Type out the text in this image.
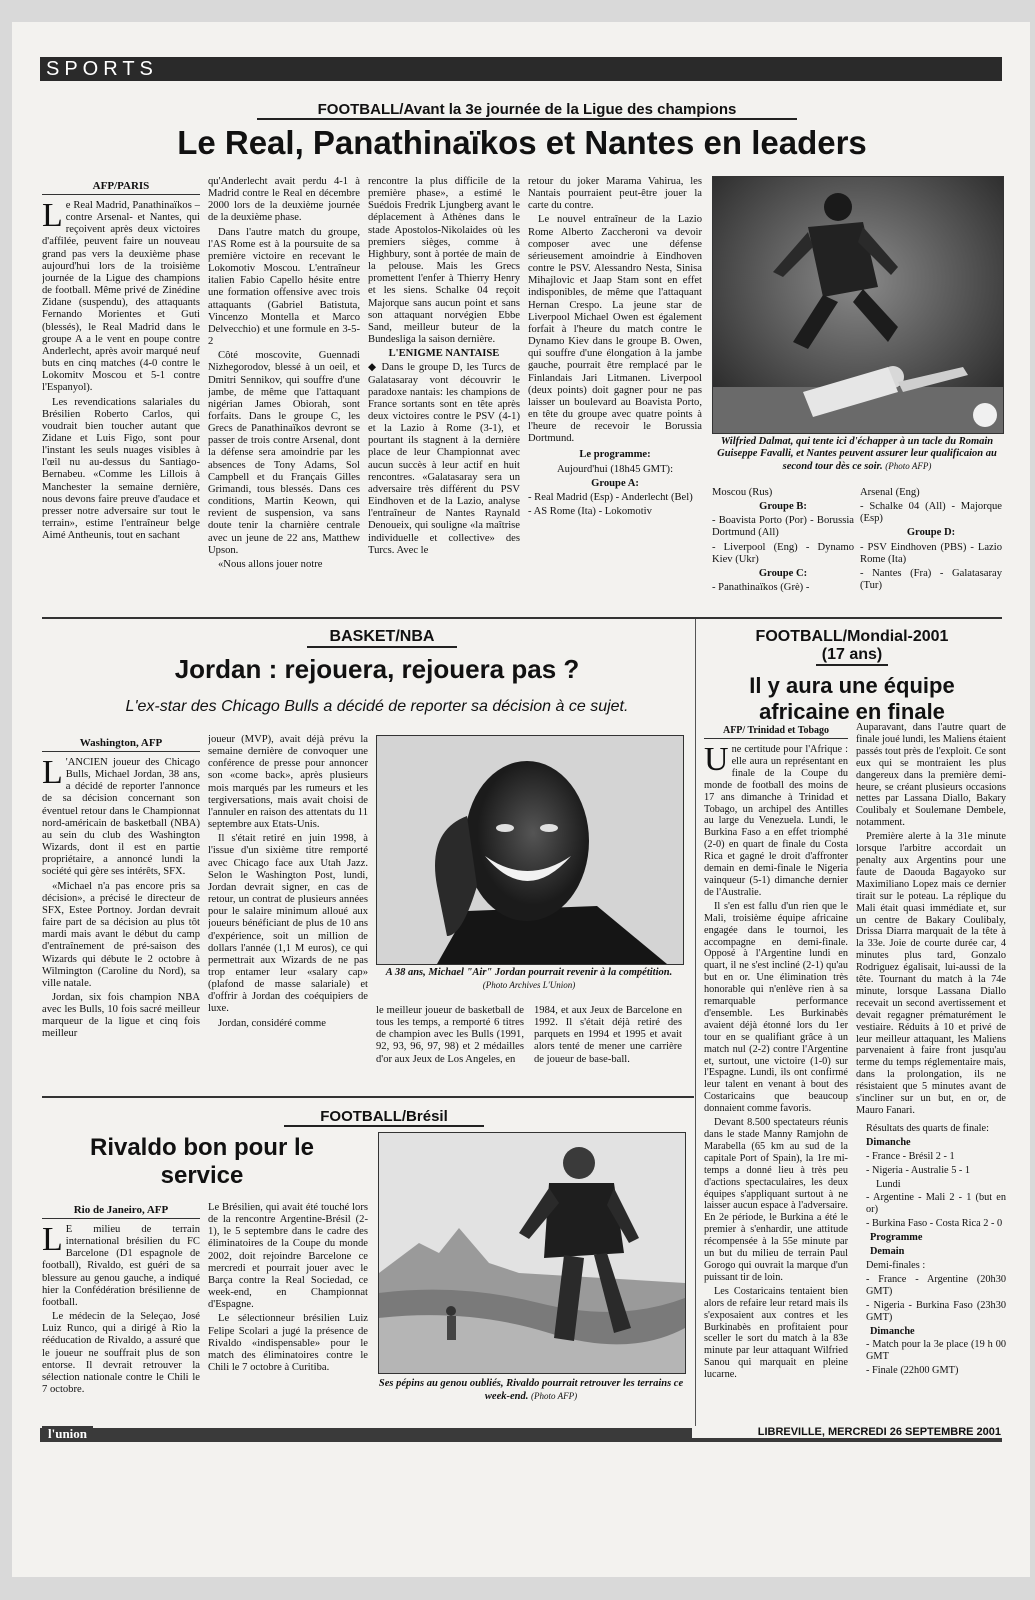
SPORTS
FOOTBALL/Avant la 3e journée de la Ligue des champions
Le Real, Panathinaïkos et Nantes en leaders
AFP/PARIS

Le Real Madrid, Panathinaïkos –contre Arsenal- et Nantes, qui reçoivent après deux victoires d'affilée, peuvent faire un nouveau grand pas vers la deuxième phase aujourd'hui lors de la troisième journée de la Ligue des champions de football. Même privé de Zinédine Zidane (suspendu), des attaquants Fernando Morientes et Guti (blessés), le Real Madrid dans le groupe A a le vent en poupe contre Anderlecht, après avoir marqué neuf buts en cinq matches (4-0 contre le Lokomitv Moscou et 5-1 contre l'Espanyol).

Les revendications salariales du Brésilien Roberto Carlos, qui voudrait bien toucher autant que Zidane et Luis Figo, sont pour l'instant les seuls nuages visibles à l'œil nu au-dessus du Santiago-Bernabeu. «Comme les Lillois à Manchester la semaine dernière, nous devons faire preuve d'audace et presser notre adversaire sur tout le terrain», estime l'entraîneur belge Aimé Antheunis, tout en sachant

qu'Anderlecht avait perdu 4-1 à Madrid contre le Real en décembre 2000 lors de la deuxième journée de la deuxième phase.

Dans l'autre match du groupe, l'AS Rome est à la poursuite de sa première victoire en recevant le Lokomotiv Moscou. L'entraîneur italien Fabio Capello hésite entre une formation offensive avec trois attaquants (Gabriel Batistuta, Vincenzo Montella et Marco Delvecchio) et une formule en 3-5-2

Côté moscovite, Guennadi Nizhegorodov, blessé à un oeil, et Dmitri Sennikov, qui souffre d'une jambe, de même que l'attaquant nigérian James Obiorah, sont forfaits. Dans le groupe C, les Grecs de Panathinaïkos devront se passer de trois contre Arsenal, dont la défense sera amoindrie par les absences de Tony Adams, Sol Campbell et du Français Gilles Grimandi, tous blessés. Dans ces conditions, Martin Keown, qui revient de suspension, va sans doute tenir la charnière centrale avec un jeune de 22 ans, Matthew Upson.

«Nous allons jouer notre

rencontre la plus difficile de la première phase», a estimé le Suédois Fredrik Ljungberg avant le déplacement à Athènes dans le stade Apostolos-Nikolaides où les premiers sièges, comme à Highbury, sont à portée de main de la pelouse. Mais les Grecs promettent l'enfer à Thierry Henry et les siens. Schalke 04 reçoit Majorque sans aucun point et sans son attaquant norvégien Ebbe Sand, meilleur buteur de la Bundesliga la saison dernière.

L'ENIGME NANTAISE

◆ Dans le groupe D, les Turcs de Galatasaray vont découvrir le paradoxe nantais: les champions de France sortants sont en tête après deux victoires contre le PSV (4-1) et la Lazio à Rome (3-1), et pourtant ils stagnent à la dernière place de leur Championnat avec aucun succès à leur actif en huit rencontres. «Galatasaray sera un adversaire très différent du PSV Eindhoven et de la Lazio, analyse l'entraîneur de Nantes Raynald Denoueix, qui souligne «la maîtrise individuelle et collective» des Turcs. Avec le

retour du joker Marama Vahirua, les Nantais pourraient peut-être jouer la carte du contre.

Le nouvel entraîneur de la Lazio Rome Alberto Zaccheroni va devoir composer avec une défense sérieusement amoindrie à Eindhoven contre le PSV. Alessandro Nesta, Sinisa Mihajlovic et Jaap Stam sont en effet indisponibles, de même que l'attaquant Hernan Crespo. La jeune star de Liverpool Michael Owen est également forfait à l'heure du match contre le Dynamo Kiev dans le groupe B. Owen, qui souffre d'une élongation à la jambe gauche, pourrait être remplacé par le Finlandais Jari Litmanen. Liverpool (deux points) doit gagner pour ne pas laisser un boulevard au Boavista Porto, en tête du groupe avec quatre points à l'heure de recevoir le Borussia Dortmund.

Le programme:

Aujourd'hui (18h45 GMT):

Groupe A:

- Real Madrid (Esp) - Anderlecht (Bel)

- AS Rome (Ita) - Lokomotiv

Wilfried Dalmat, qui tente ici d'échapper à un tacle du Romain Guiseppe Favalli, et Nantes peuvent assurer leur qualificaion au second tour dès ce soir. (Photo AFP)

Moscou (Rus)

Groupe B:

- Boavista Porto (Por) - Borussia Dortmund (All)

- Liverpool (Eng) - Dynamo Kiev (Ukr)

Groupe C:

- Panathinaïkos (Grè) -

Arsenal (Eng)

- Schalke 04 (All) - Majorque (Esp)

Groupe D:

- PSV Eindhoven (PBS) - Lazio Rome (Ita)

- Nantes (Fra) - Galatasaray (Tur)

BASKET/NBA
Jordan : rejouera, rejouera pas ?
L'ex-star des Chicago Bulls a décidé de reporter sa décision à ce sujet.
Washington, AFP

L 'ANCIEN joueur des Chicago Bulls, Michael Jordan, 38 ans, a décidé de reporter l'annonce de sa décision concernant son éventuel retour dans le Championnat nord-américain de basketball (NBA) au sein du club des Washington Wizards, dont il est en partie propriétaire, a annoncé lundi la société qui gère ses intérêts, SFX.

«Michael n'a pas encore pris sa décision», a précisé le directeur de SFX, Estee Portnoy. Jordan devrait faire part de sa décision au plus tôt mardi mais avant le début du camp d'entraînement de pré-saison des Wizards qui débute le 2 octobre à Wilmington (Caroline du Nord), sa ville natale.

Jordan, six fois champion NBA avec les Bulls, 10 fois sacré meilleur marqueur de la ligue et cinq fois meilleur

joueur (MVP), avait déjà prévu la semaine dernière de convoquer une conférence de presse pour annoncer son «come back», après plusieurs mois marqués par les rumeurs et les tergiversations, mais avait choisi de l'annuler en raison des attentats du 11 septembre aux Etats-Unis.

Il s'était retiré en juin 1998, à l'issue d'un sixième titre remporté avec Chicago face aux Utah Jazz. Selon le Washington Post, lundi, Jordan devrait signer, en cas de retour, un contrat de plusieurs années pour le salaire minimum alloué aux joueurs bénéficiant de plus de 10 ans d'expérience, soit un million de dollars l'année (1,1 M euros), ce qui permettrait aux Wizards de ne pas trop entamer leur «salary cap» (plafond de masse salariale) et d'offrir à Jordan des coéquipiers de luxe.

Jordan, considéré comme

A 38 ans, Michael "Air" Jordan pourrait revenir à la compétition. (Photo Archives L'Union)

le meilleur joueur de basketball de tous les temps, a remporté 6 titres de champion avec les Bulls (1991, 92, 93, 96, 97, 98) et 2 médailles d'or aux Jeux de Los Angeles, en

1984, et aux Jeux de Barcelone en 1992. Il s'était déjà retiré des parquets en 1994 et 1995 et avait alors tenté de mener une carrière de joueur de base-ball.

FOOTBALL/Mondial-2001
(17 ans)
Il y aura une équipe africaine en finale
AFP/ Trinidad et Tobago

Une certitude pour l'Afrique : elle aura un représentant en finale de la Coupe du monde de football des moins de 17 ans dimanche à Trinidad et Tobago, un archipel des Antilles au large du Venezuela. Lundi, le Burkina Faso a en effet triomphé (2-0) en quart de finale du Costa Rica et gagné le droit d'affronter demain en demi-finale le Nigeria vainqueur (5-1) dimanche dernier de l'Australie.

Il s'en est fallu d'un rien que le Mali, troisième équipe africaine engagée dans le tournoi, les accompagne en demi-finale. Opposé à l'Argentine lundi en quart, il ne s'est incliné (2-1) qu'au but en or. Une élimination très honorable qui n'enlève rien à sa remarquable performance d'ensemble. Les Burkinabès avaient déjà étonné lors du 1er tour en se qualifiant grâce à un match nul (2-2) contre l'Argentine et, surtout, une victoire (1-0) sur l'Espagne. Lundi, ils ont confirmé leur talent en venant à bout des Costaricains que beaucoup donnaient comme favoris.

Devant 8.500 spectateurs réunis dans le stade Manny Ramjohn de Marabella (65 km au sud de la capitale Port of Spain), la 1re mi-temps a donné lieu à très peu d'actions spectaculaires, les deux équipes s'appliquant surtout à ne laisser aucun espace à l'adversaire. En 2e période, le Burkina a été le premier à s'enhardir, une attitude récompensée à la 55e minute par un but du milieu de terrain Paul Gorogo qui ouvrait la marque d'un puissant tir de loin.

Les Costaricains tentaient bien alors de refaire leur retard mais ils s'exposaient aux contres et les Burkinabès en profitaient pour sceller le sort du match à la 83e minute par leur attaquant Wilfried Sanou qui marquait en pleine lucarne.

Auparavant, dans l'autre quart de finale joué lundi, les Maliens étaient passés tout près de l'exploit. Ce sont eux qui se montraient les plus dangereux dans la première demi-heure, se créant plusieurs occasions nettes par Lassana Diallo, Bakary Coulibaly et Soulemane Dembele, notamment.

Première alerte à la 31e minute lorsque l'arbitre accordait un penalty aux Argentins pour une faute de Daouda Bagayoko sur Maximiliano Lopez mais ce dernier tirait sur le poteau. La réplique du Mali était quasi immédiate et, sur un centre de Bakary Coulibaly, Drissa Diarra marquait de la tête à la 33e. Joie de courte durée car, 4 minutes plus tard, Gonzalo Rodriguez égalisait, lui-aussi de la tête. Tournant du match à la 74e minute, lorsque Lassana Diallo recevait un second avertissement et devait regagner prématurément le vestiaire. Réduits à 10 et privé de leur meilleur attaquant, les Maliens parvenaient à faire front jusqu'au terme du temps réglementaire mais, dans la prolongation, ils ne résistaient que 5 minutes avant de s'incliner sur un but, en or, de Mauro Fanari.

Résultats des quarts de finale:

Dimanche

- France - Brésil 2 - 1

- Nigeria - Australie 5 - 1

Lundi

- Argentine - Mali 2 - 1 (but en or)

- Burkina Faso - Costa Rica 2 - 0

Programme

Demain

Demi-finales :

- France - Argentine (20h30 GMT)

- Nigeria - Burkina Faso (23h30 GMT)

Dimanche

- Match pour la 3e place (19 h 00 GMT

- Finale (22h00 GMT)

FOOTBALL/Brésil
Rivaldo bon pour le service
Rio de Janeiro, AFP

L E milieu de terrain international brésilien du FC Barcelone (D1 espagnole de football), Rivaldo, est guéri de sa blessure au genou gauche, a indiqué hier la Confédération brésilienne de football.

Le médecin de la Seleçao, José Luiz Runco, qui a dirigé à Rio la rééducation de Rivaldo, a assuré que le joueur ne souffrait plus de son entorse. Il devrait retrouver la sélection nationale contre le Chili le 7 octobre.

Le Brésilien, qui avait été touché lors de la rencontre Argentine-Brésil (2-1), le 5 septembre dans le cadre des éliminatoires de la Coupe du monde 2002, doit rejoindre Barcelone ce mercredi et pourrait jouer avec le Barça contre la Real Sociedad, ce week-end, en Championnat d'Espagne.

Le sélectionneur brésilien Luiz Felipe Scolari a jugé la présence de Rivaldo «indispensable» pour le match des éliminatoires contre le Chili le 7 octobre à Curitiba.

Ses pépins au genou oubliés, Rivaldo pourrait retrouver les terrains ce week-end. (Photo AFP)
l'union	LIBREVILLE, MERCREDI 26 SEPTEMBRE 2001
